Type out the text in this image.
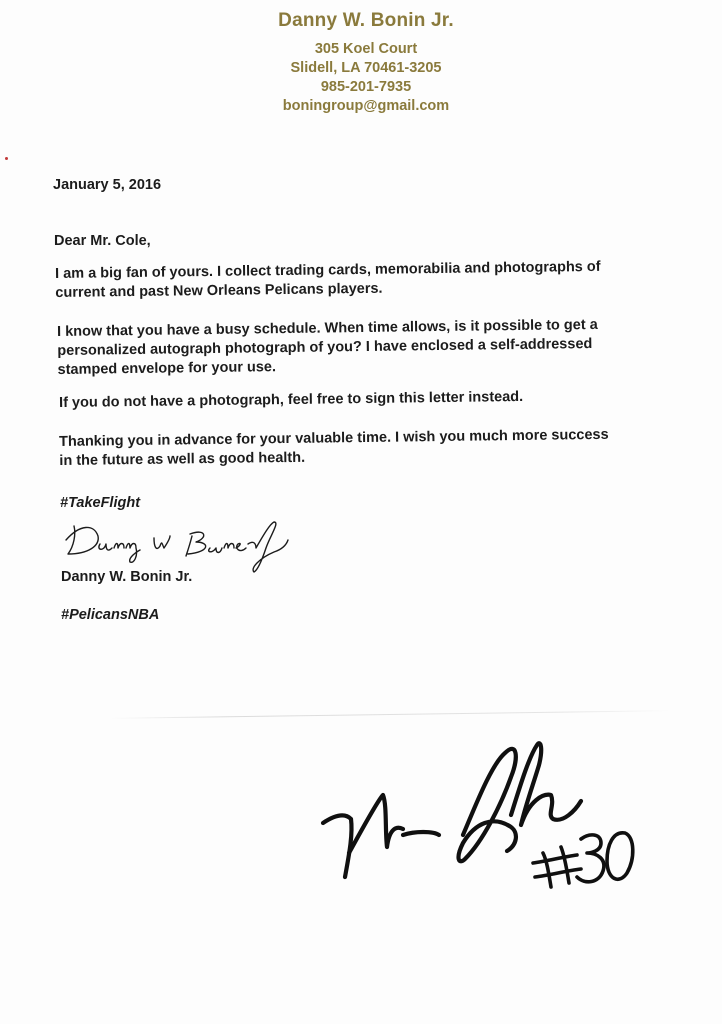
Danny W. Bonin Jr.
305 Koel Court
Slidell, LA 70461-3205
985-201-7935
boningroup@gmail.com
January 5, 2016
Dear Mr. Cole,
I am a big fan of yours. I collect trading cards, memorabilia and photographs of
current and past New Orleans Pelicans players.
I know that you have a busy schedule. When time allows, is it possible to get a
personalized autograph photograph of you? I have enclosed a self-addressed
stamped envelope for your use.
If you do not have a photograph, feel free to sign this letter instead.
Thanking you in advance for your valuable time. I wish you much more success
in the future as well as good health.
#TakeFlight
Danny W. Bonin Jr.
#PelicansNBA
